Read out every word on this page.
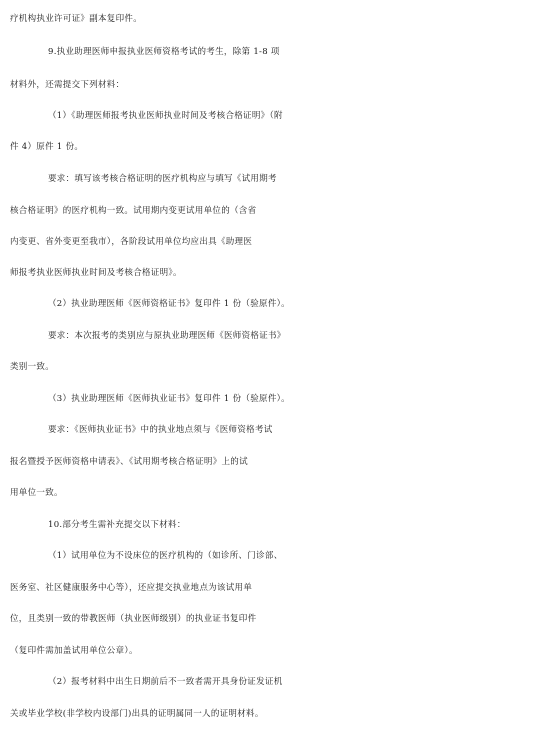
疗机构执业许可证》副本复印件。
9.执业助理医师申报执业医师资格考试的考生，除第 1-8 项
材料外，还需提交下列材料：
（1）《助理医师报考执业医师执业时间及考核合格证明》（附
件 4）原件 1 份。
要求：填写该考核合格证明的医疗机构应与填写《试用期考
核合格证明》的医疗机构一致。试用期内变更试用单位的（含省
内变更、省外变更至我市），各阶段试用单位均应出具《助理医
师报考执业医师执业时间及考核合格证明》。
（2）执业助理医师《医师资格证书》复印件 1 份（验原件）。
要求：本次报考的类别应与原执业助理医师《医师资格证书》
类别一致。
（3）执业助理医师《医师执业证书》复印件 1 份（验原件）。
要求：《医师执业证书》中的执业地点须与《医师资格考试
报名暨授予医师资格申请表》、《试用期考核合格证明》上的试
用单位一致。
10.部分考生需补充提交以下材料：
（1）试用单位为不设床位的医疗机构的（如诊所、门诊部、
医务室、社区健康服务中心等），还应提交执业地点为该试用单
位，且类别一致的带教医师（执业医师级别）的执业证书复印件
（复印件需加盖试用单位公章）。
（2）报考材料中出生日期前后不一致者需开具身份证发证机
关或毕业学校(非学校内设部门)出具的证明属同一人的证明材料。
